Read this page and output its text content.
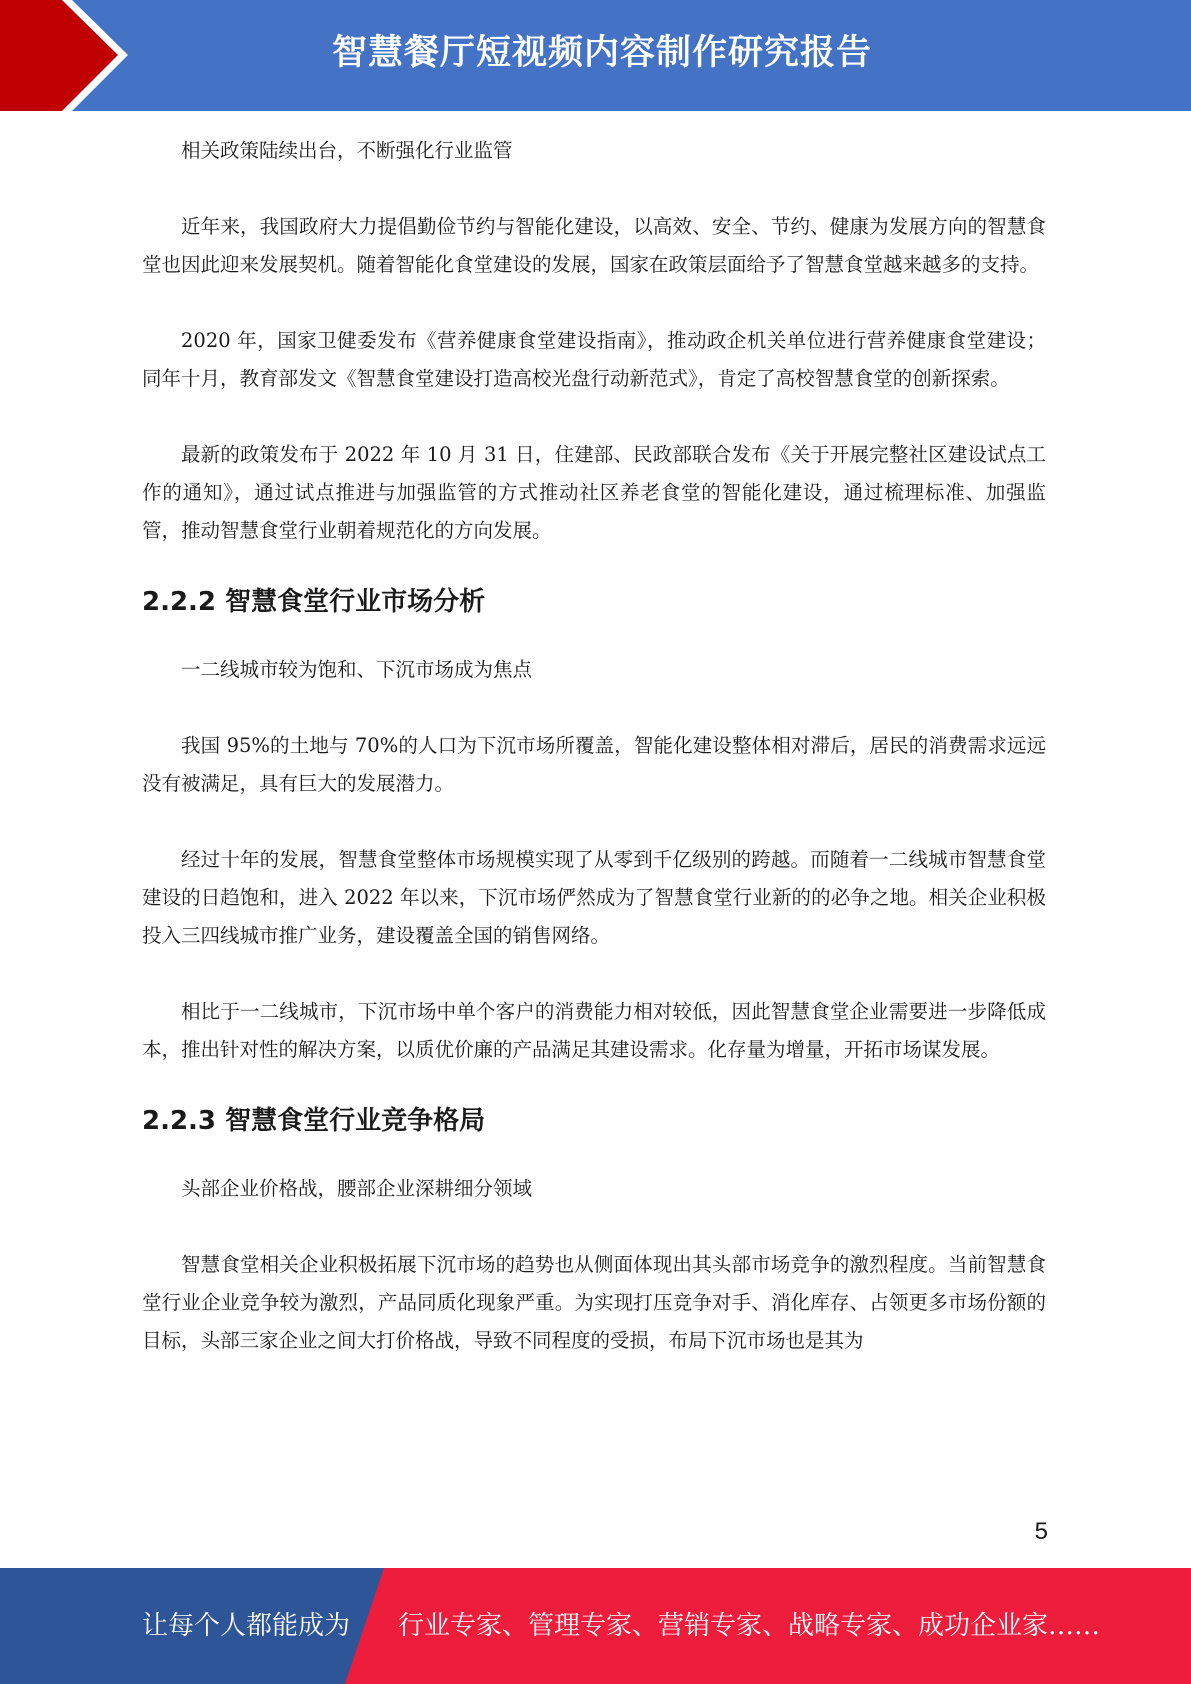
智慧餐厅短视频内容制作研究报告

相关政策陆续出台，不断强化行业监管

近年来，我国政府大力提倡勤俭节约与智能化建设，以高效、安全、节约、健康为发展方向的智慧食堂也因此迎来发展契机。随着智能化食堂建设的发展，国家在政策层面给予了智慧食堂越来越多的支持。

2020 年，国家卫健委发布《营养健康食堂建设指南》，推动政企机关单位进行营养健康食堂建设；同年十月，教育部发文《智慧食堂建设打造高校光盘行动新范式》，肯定了高校智慧食堂的创新探索。

最新的政策发布于 2022 年 10 月 31 日，住建部、民政部联合发布《关于开展完整社区建设试点工作的通知》，通过试点推进与加强监管的方式推动社区养老食堂的智能化建设，通过梳理标准、加强监管，推动智慧食堂行业朝着规范化的方向发展。

2.2.2 智慧食堂行业市场分析

一二线城市较为饱和、下沉市场成为焦点

我国 95%的土地与 70%的人口为下沉市场所覆盖，智能化建设整体相对滞后，居民的消费需求远远没有被满足，具有巨大的发展潜力。

经过十年的发展，智慧食堂整体市场规模实现了从零到千亿级别的跨越。而随着一二线城市智慧食堂建设的日趋饱和，进入 2022 年以来，下沉市场俨然成为了智慧食堂行业新的的必争之地。相关企业积极投入三四线城市推广业务，建设覆盖全国的销售网络。

相比于一二线城市，下沉市场中单个客户的消费能力相对较低，因此智慧食堂企业需要进一步降低成本，推出针对性的解决方案，以质优价廉的产品满足其建设需求。化存量为增量，开拓市场谋发展。

2.2.3 智慧食堂行业竞争格局

头部企业价格战，腰部企业深耕细分领域

智慧食堂相关企业积极拓展下沉市场的趋势也从侧面体现出其头部市场竞争的激烈程度。当前智慧食堂行业企业竞争较为激烈，产品同质化现象严重。为实现打压竞争对手、消化库存、占领更多市场份额的目标，头部三家企业之间大打价格战，导致不同程度的受损，布局下沉市场也是其为

5
让每个人都能成为 行业专家、管理专家、营销专家、战略专家、成功企业家……
